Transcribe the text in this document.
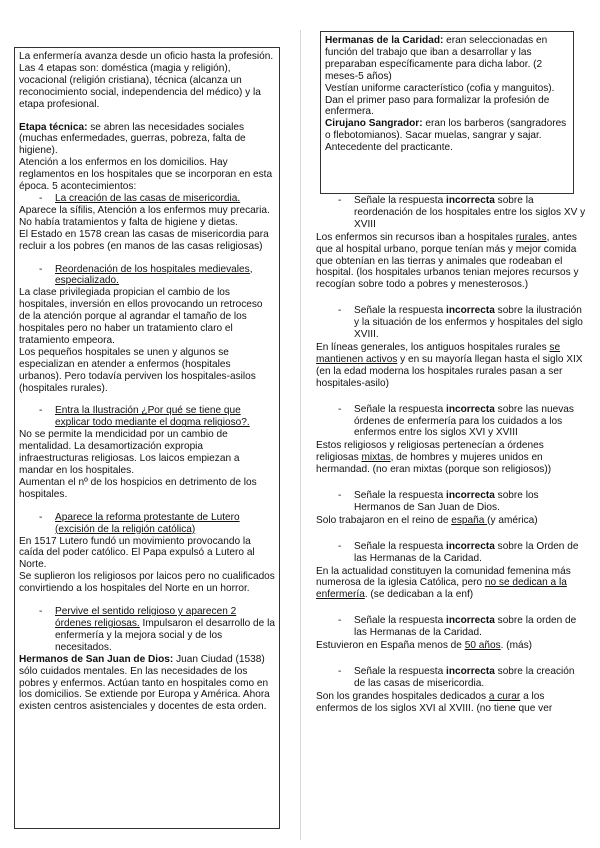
La enfermería avanza desde un oficio hasta la profesión.

Las 4 etapas son: doméstica (magia y religión), vocacional (religión cristiana), técnica (alcanza un reconocimiento social, independencia del médico) y la etapa profesional.

Etapa técnica: se abren las necesidades sociales (muchas enfermedades, guerras, pobreza, falta de higiene).

Atención a los enfermos en los domicilios. Hay reglamentos en los hospitales que se incorporan en esta época. 5 acontecimientos:

-	La creación de las casas de misericordia.

Aparece la sífilis, Atención a los enfermos muy precaria. No había tratamientos y falta de higiene y dietas.

El Estado en 1578 crean las casas de misericordia para recluir a los pobres (en manos de las casas religiosas)

-	Reordenación de los hospitales medievales, especializado.

La clase privilegiada propician el cambio de los hospitales, inversión en ellos provocando un retroceso de la atención porque al agrandar el tamaño de los hospitales pero no haber un tratamiento claro el tratamiento empeora.

Los pequeños hospitales se unen y algunos se especializan en atender a enfermos (hospitales urbanos). Pero todavía perviven los hospitales-asilos (hospitales rurales).

-	Entra la Ilustración ¿Por qué se tiene que explicar todo mediante el dogma religioso?.

No se permite la mendicidad por un cambio de mentalidad. La desamortización expropia infraestructuras religiosas. Los laicos empiezan a mandar en los hospitales.

Aumentan el nº de los hospicios en detrimento de los hospitales.

-	Aparece la reforma protestante de Lutero (excisión de la religión católica)

En 1517 Lutero fundó un movimiento provocando la caída del poder católico. El Papa expulsó a Lutero al Norte.

Se suplieron los religiosos por laicos pero no cualificados convirtiendo a los hospitales del Norte en un horror.

-	Pervive el sentido religioso y aparecen 2 órdenes religiosas. Impulsaron el desarrollo de la enfermería y la mejora social y de los necesitados.

Hermanos de San Juan de Dios: Juan Ciudad (1538) sólo cuidados mentales. En las necesidades de los pobres y enfermos. Actúan tanto en hospitales como en los domicilios. Se extiende por Europa y América. Ahora existen centros asistenciales y docentes de esta orden.

Hermanas de la Caridad: eran seleccionadas en función del trabajo que iban a desarrollar y las preparaban específicamente para dicha labor. (2 meses-5 años)

Vestían uniforme característico (cofia y manguitos). Dan el primer paso para formalizar la profesión de enfermera.

Cirujano Sangrador: eran los barberos (sangradores o flebotomianos). Sacar muelas, sangrar y sajar. Antecedente del practicante.

-	Señale la respuesta incorrecta sobre la reordenación de los hospitales entre los siglos XV y XVIII

Los enfermos sin recursos iban a hospitales rurales, antes que al hospital urbano, porque tenían más y mejor comida que obtenían en las tierras y animales que rodeaban el hospital. (los hospitales urbanos tenian mejores recursos y recogían sobre todo a pobres y menesterosos.)

-	Señale la respuesta incorrecta sobre la ilustración y la situación de los enfermos y hospitales del siglo XVIII.

En líneas generales, los antiguos hospitales rurales se mantienen activos y en su mayoría llegan hasta el siglo XIX (en la edad moderna los hospitales rurales pasan a ser hospitales-asilo)

-	Señale la respuesta incorrecta sobre las nuevas órdenes de enfermería para los cuidados a los enfermos entre los siglos XVI y XVIII

Estos religiosos y religiosas pertenecían a órdenes religiosas mixtas, de hombres y mujeres unidos en hermandad. (no eran mixtas (porque son religiosos))

-	Señale la respuesta incorrecta sobre los Hermanos de San Juan de Dios.

Solo trabajaron en el reino de españa (y américa)

-	Señale la respuesta incorrecta sobre la Orden de las Hermanas de la Caridad.

En la actualidad constituyen la comunidad femenina más numerosa de la iglesia Católica, pero no se dedican a la enfermería. (se dedicaban a la enf)

-	Señale la respuesta incorrecta sobre la orden de las Hermanas de la Caridad.

Estuvieron en España menos de 50 años. (más)

-	Señale la respuesta incorrecta sobre la creación de las casas de misericordia.

Son los grandes hospitales dedicados a curar a los enfermos de los siglos XVI al XVIII. (no tiene que ver
